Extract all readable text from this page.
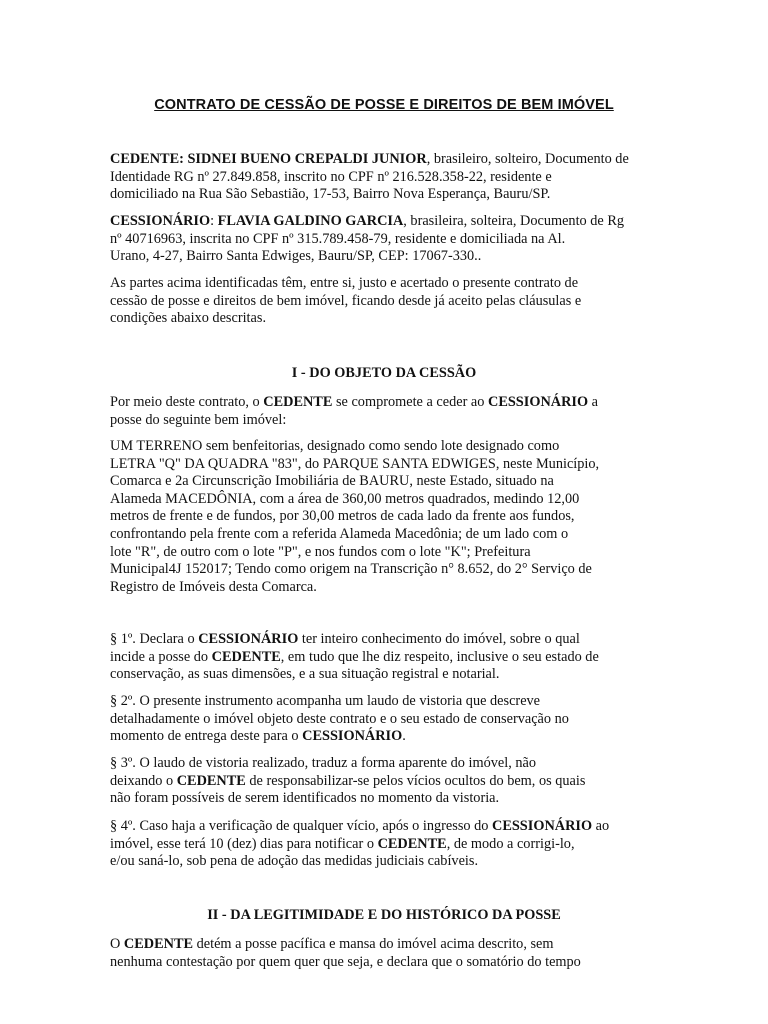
CONTRATO DE CESSÃO DE POSSE E DIREITOS DE BEM IMÓVEL
CEDENTE: SIDNEI BUENO CREPALDI JUNIOR, brasileiro, solteiro, Documento de
Identidade RG nº 27.849.858, inscrito no CPF nº 216.528.358-22, residente e
domiciliado na Rua São Sebastião, 17-53, Bairro Nova Esperança, Bauru/SP.
CESSIONÁRIO: FLAVIA GALDINO GARCIA, brasileira, solteira, Documento de Rg
nº 40716963, inscrita no CPF nº 315.789.458-79, residente e domiciliada na Al.
Urano, 4-27, Bairro Santa Edwiges, Bauru/SP, CEP: 17067-330..
As partes acima identificadas têm, entre si, justo e acertado o presente contrato de
cessão de posse e direitos de bem imóvel, ficando desde já aceito pelas cláusulas e
condições abaixo descritas.
I - DO OBJETO DA CESSÃO
Por meio deste contrato, o CEDENTE se compromete a ceder ao CESSIONÁRIO a
posse do seguinte bem imóvel:
UM TERRENO sem benfeitorias, designado como sendo lote designado como
LETRA "Q" DA QUADRA "83", do PARQUE SANTA EDWIGES, neste Município,
Comarca e 2a Circunscrição Imobiliária de BAURU, neste Estado, situado na
Alameda MACEDÔNIA, com a área de 360,00 metros quadrados, medindo 12,00
metros de frente e de fundos, por 30,00 metros de cada lado da frente aos fundos,
confrontando pela frente com a referida Alameda Macedônia; de um lado com o
lote "R", de outro com o lote "P", e nos fundos com o lote "K"; Prefeitura
Municipal4J 152017; Tendo como origem na Transcrição n° 8.652, do 2° Serviço de
Registro de Imóveis desta Comarca.
§ 1º. Declara o CESSIONÁRIO ter inteiro conhecimento do imóvel, sobre o qual
incide a posse do CEDENTE, em tudo que lhe diz respeito, inclusive o seu estado de
conservação, as suas dimensões, e a sua situação registral e notarial.
§ 2º. O presente instrumento acompanha um laudo de vistoria que descreve
detalhadamente o imóvel objeto deste contrato e o seu estado de conservação no
momento de entrega deste para o CESSIONÁRIO.
§ 3º. O laudo de vistoria realizado, traduz a forma aparente do imóvel, não
deixando o CEDENTE de responsabilizar-se pelos vícios ocultos do bem, os quais
não foram possíveis de serem identificados no momento da vistoria.
§ 4º. Caso haja a verificação de qualquer vício, após o ingresso do CESSIONÁRIO ao
imóvel, esse terá 10 (dez) dias para notificar o CEDENTE, de modo a corrigi-lo,
e/ou saná-lo, sob pena de adoção das medidas judiciais cabíveis.
II - DA LEGITIMIDADE E DO HISTÓRICO DA POSSE
O CEDENTE detém a posse pacífica e mansa do imóvel acima descrito, sem
nenhuma contestação por quem quer que seja, e declara que o somatório do tempo
